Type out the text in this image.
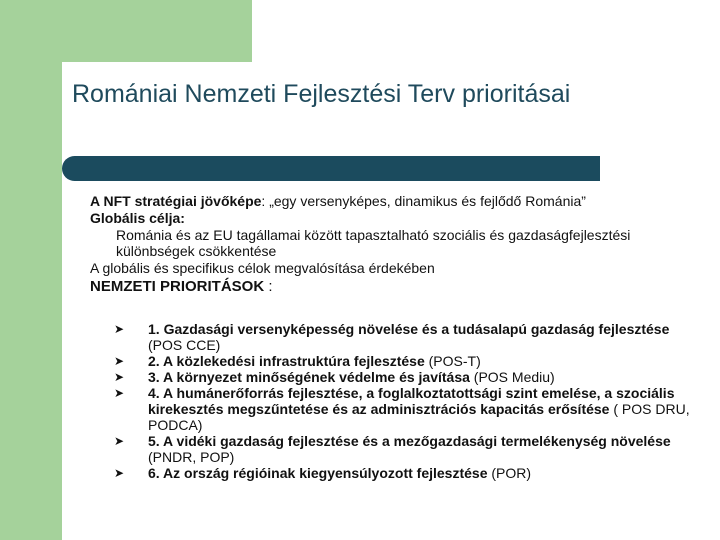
Romániai Nemzeti Fejlesztési Terv prioritásai

A NFT stratégiai jövőképe: „egy versenyképes, dinamikus és fejlődő Románia”

Globális célja:

Románia és az EU tagállamai között tapasztalható szociális és gazdaságfejlesztési különbségek csökkentése

A globális és specifikus célok megvalósítása érdekében

NEMZETI PRIORITÁSOK :

➤ 1. Gazdasági versenyképesség növelése és a tudásalapú gazdaság fejlesztése (POS CCE)
➤ 2. A közlekedési infrastruktúra fejlesztése (POS-T)
➤ 3. A környezet minőségének védelme és javítása (POS Mediu)
➤ 4. A humánerőforrás fejlesztése, a foglalkoztatottsági szint emelése, a szociális kirekesztés megszűntetése és az adminisztrációs kapacitás erősítése ( POS DRU, PODCA)
➤ 5. A vidéki gazdaság fejlesztése és a mezőgazdasági termelékenység növelése (PNDR, POP)
➤ 6. Az ország régióinak kiegyensúlyozott fejlesztése (POR)
